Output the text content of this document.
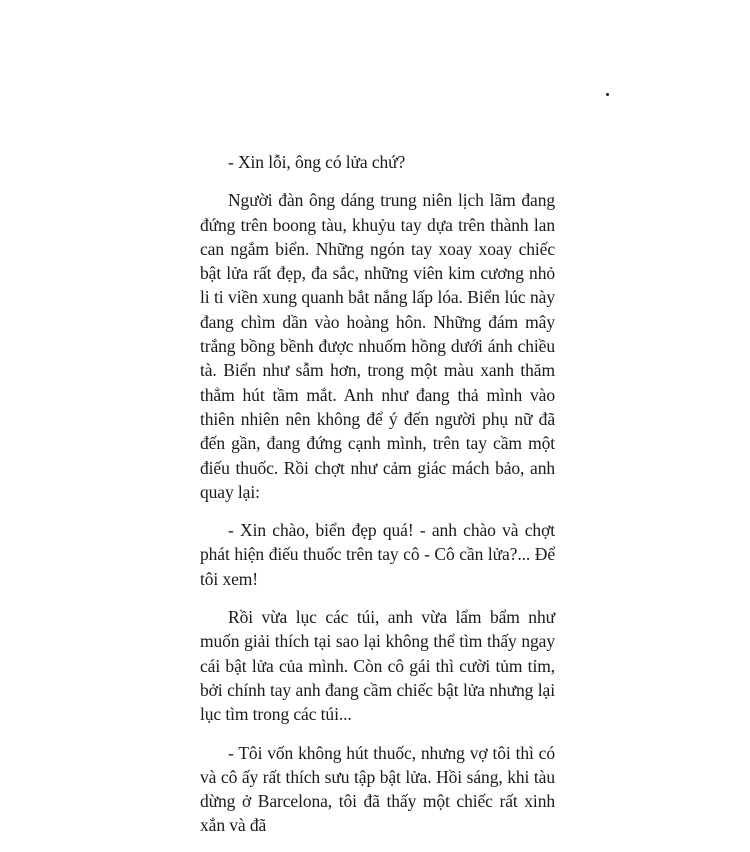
- Xin lỗi, ông có lửa chứ?

Người đàn ông dáng trung niên lịch lãm đang đứng trên boong tàu, khuỷu tay dựa trên thành lan can ngắm biển. Những ngón tay xoay xoay chiếc bật lửa rất đẹp, đa sắc, những viên kim cương nhỏ li ti viền xung quanh bắt nắng lấp lóa. Biển lúc này đang chìm dần vào hoàng hôn. Những đám mây trắng bồng bềnh được nhuốm hồng dưới ánh chiều tà. Biển như sẫm hơn, trong một màu xanh thăm thẳm hút tầm mắt. Anh như đang thả mình vào thiên nhiên nên không để ý đến người phụ nữ đã đến gần, đang đứng cạnh mình, trên tay cầm một điếu thuốc. Rồi chợt như cảm giác mách bảo, anh quay lại:

- Xin chào, biển đẹp quá! - anh chào và chợt phát hiện điếu thuốc trên tay cô - Cô cần lửa?... Để tôi xem!

Rồi vừa lục các túi, anh vừa lẩm bẩm như muốn giải thích tại sao lại không thể tìm thấy ngay cái bật lửa của mình. Còn cô gái thì cười tủm tỉm, bởi chính tay anh đang cầm chiếc bật lửa nhưng lại lục tìm trong các túi...

- Tôi vốn không hút thuốc, nhưng vợ tôi thì có và cô ấy rất thích sưu tập bật lửa. Hồi sáng, khi tàu dừng ở Barcelona, tôi đã thấy một chiếc rất xinh xắn và đã
